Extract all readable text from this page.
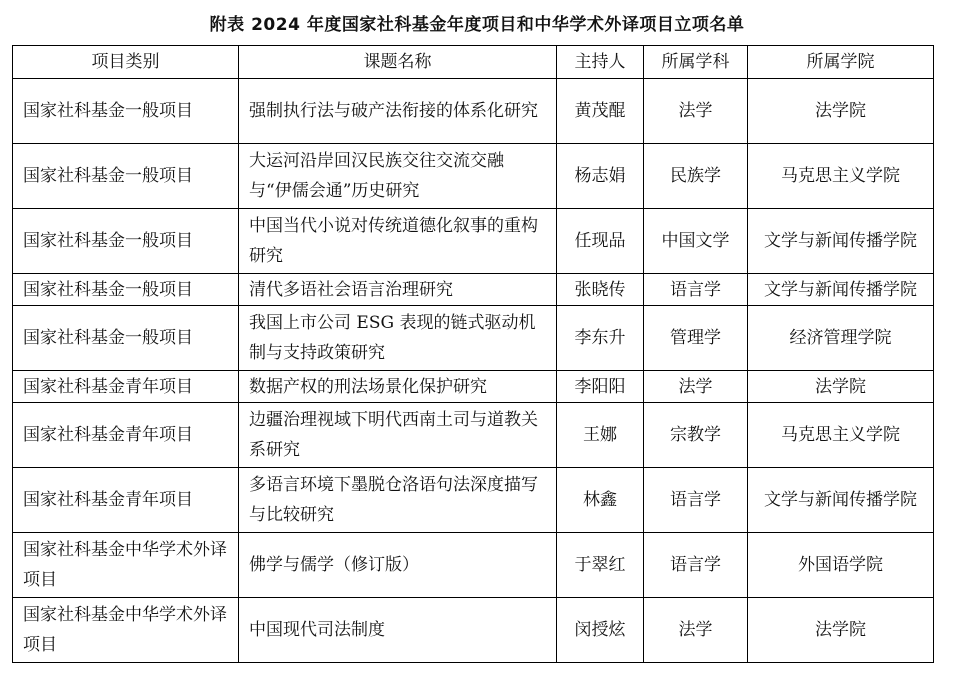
附表 2024 年度国家社科基金年度项目和中华学术外译项目立项名单
项目类别	课题名称	主持人	所属学科	所属学院
国家社科基金一般项目	强制执行法与破产法衔接的体系化研究	黄茂醌	法学	法学院
国家社科基金一般项目	大运河沿岸回汉民族交往交流交融与“伊儒会通”历史研究	杨志娟	民族学	马克思主义学院
国家社科基金一般项目	中国当代小说对传统道德化叙事的重构研究	任现品	中国文学	文学与新闻传播学院
国家社科基金一般项目	清代多语社会语言治理研究	张晓传	语言学	文学与新闻传播学院
国家社科基金一般项目	我国上市公司 ESG 表现的链式驱动机制与支持政策研究	李东升	管理学	经济管理学院
国家社科基金青年项目	数据产权的刑法场景化保护研究	李阳阳	法学	法学院
国家社科基金青年项目	边疆治理视域下明代西南土司与道教关系研究	王娜	宗教学	马克思主义学院
国家社科基金青年项目	多语言环境下墨脱仓洛语句法深度描写与比较研究	林鑫	语言学	文学与新闻传播学院
国家社科基金中华学术外译项目	佛学与儒学（修订版）	于翠红	语言学	外国语学院
国家社科基金中华学术外译项目	中国现代司法制度	闵授炫	法学	法学院
